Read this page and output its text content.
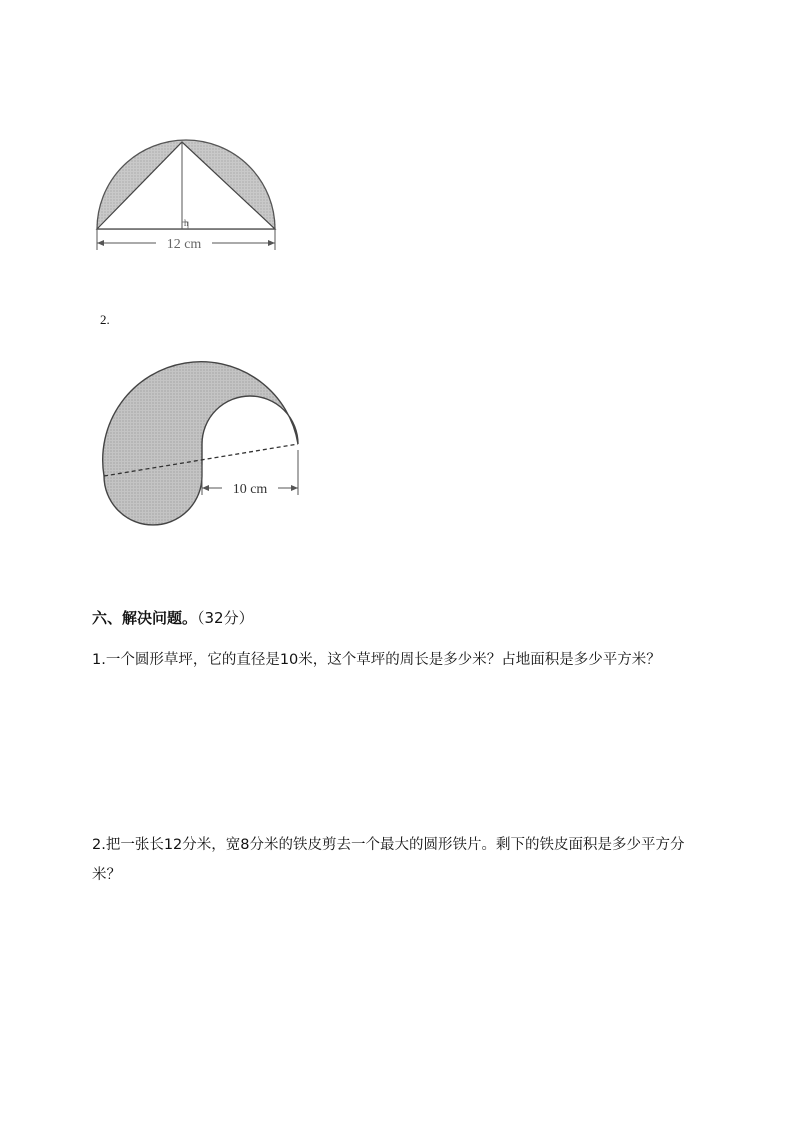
h
12 cm
2.
10 cm
六、解决问题。（32分）
1.一个圆形草坪，它的直径是10米，这个草坪的周长是多少米？占地面积是多少平方米？
2.把一张长12分米，宽8分米的铁皮剪去一个最大的圆形铁片。剩下的铁皮面积是多少平方分米？
